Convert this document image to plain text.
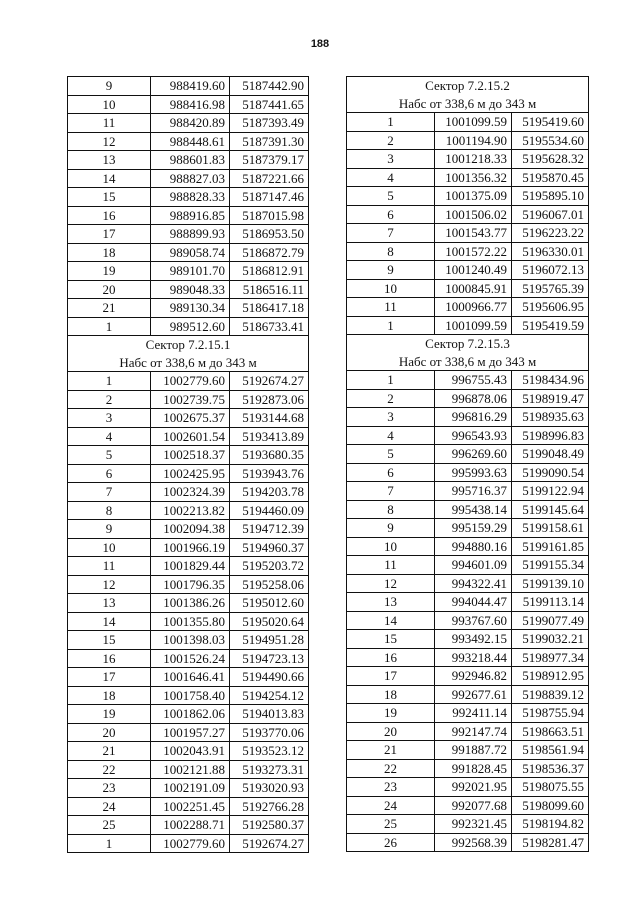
188
9	988419.60	5187442.90
10	988416.98	5187441.65
11	988420.89	5187393.49
12	988448.61	5187391.30
13	988601.83	5187379.17
14	988827.03	5187221.66
15	988828.33	5187147.46
16	988916.85	5187015.98
17	988899.93	5186953.50
18	989058.74	5186872.79
19	989101.70	5186812.91
20	989048.33	5186516.11
21	989130.34	5186417.18
1	989512.60	5186733.41
Сектор 7.2.15.1		
Набс от 338,6 м до 343 м		
1	1002779.60	5192674.27
2	1002739.75	5192873.06
3	1002675.37	5193144.68
4	1002601.54	5193413.89
5	1002518.37	5193680.35
6	1002425.95	5193943.76
7	1002324.39	5194203.78
8	1002213.82	5194460.09
9	1002094.38	5194712.39
10	1001966.19	5194960.37
11	1001829.44	5195203.72
12	1001796.35	5195258.06
13	1001386.26	5195012.60
14	1001355.80	5195020.64
15	1001398.03	5194951.28
16	1001526.24	5194723.13
17	1001646.41	5194490.66
18	1001758.40	5194254.12
19	1001862.06	5194013.83
20	1001957.27	5193770.06
21	1002043.91	5193523.12
22	1002121.88	5193273.31
23	1002191.09	5193020.93
24	1002251.45	5192766.28
25	1002288.71	5192580.37
1	1002779.60	5192674.27
Сектор 7.2.15.2		
Набс от 338,6 м до 343 м		
1	1001099.59	5195419.60
2	1001194.90	5195534.60
3	1001218.33	5195628.32
4	1001356.32	5195870.45
5	1001375.09	5195895.10
6	1001506.02	5196067.01
7	1001543.77	5196223.22
8	1001572.22	5196330.01
9	1001240.49	5196072.13
10	1000845.91	5195765.39
11	1000966.77	5195606.95
1	1001099.59	5195419.59
Сектор 7.2.15.3		
Набс от 338,6 м до 343 м		
1	996755.43	5198434.96
2	996878.06	5198919.47
3	996816.29	5198935.63
4	996543.93	5198996.83
5	996269.60	5199048.49
6	995993.63	5199090.54
7	995716.37	5199122.94
8	995438.14	5199145.64
9	995159.29	5199158.61
10	994880.16	5199161.85
11	994601.09	5199155.34
12	994322.41	5199139.10
13	994044.47	5199113.14
14	993767.60	5199077.49
15	993492.15	5199032.21
16	993218.44	5198977.34
17	992946.82	5198912.95
18	992677.61	5198839.12
19	992411.14	5198755.94
20	992147.74	5198663.51
21	991887.72	5198561.94
22	991828.45	5198536.37
23	992021.95	5198075.55
24	992077.68	5198099.60
25	992321.45	5198194.82
26	992568.39	5198281.47
